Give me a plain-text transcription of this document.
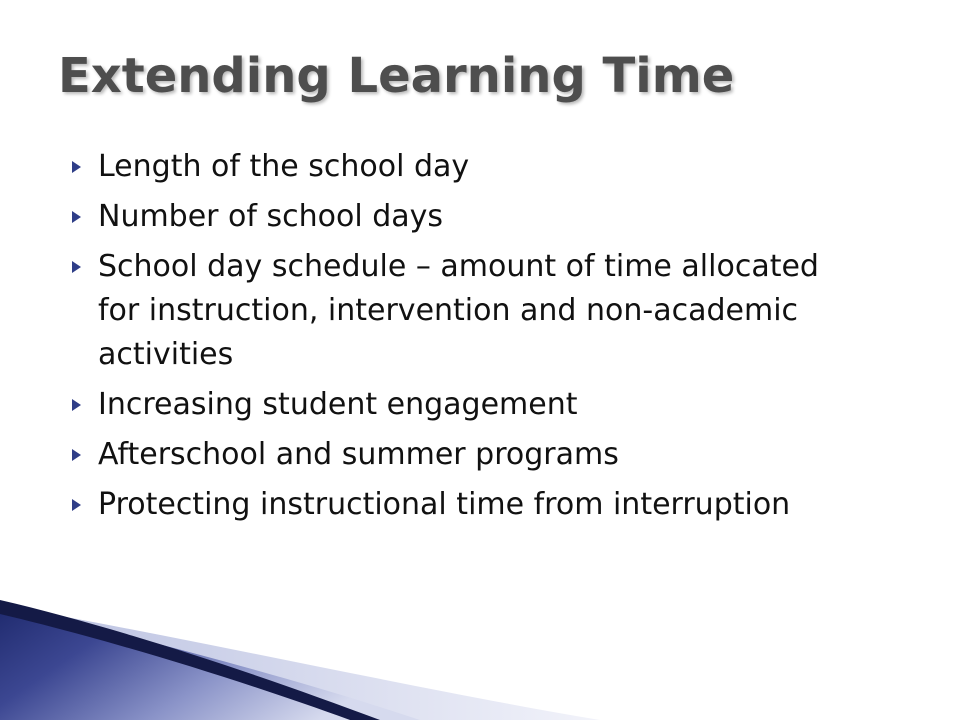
Extending Learning Time
Length of the school day
Number of school days
School day schedule – amount of time allocated for instruction, intervention and non-academic activities
Increasing student engagement
Afterschool and summer programs
Protecting instructional time from interruption
